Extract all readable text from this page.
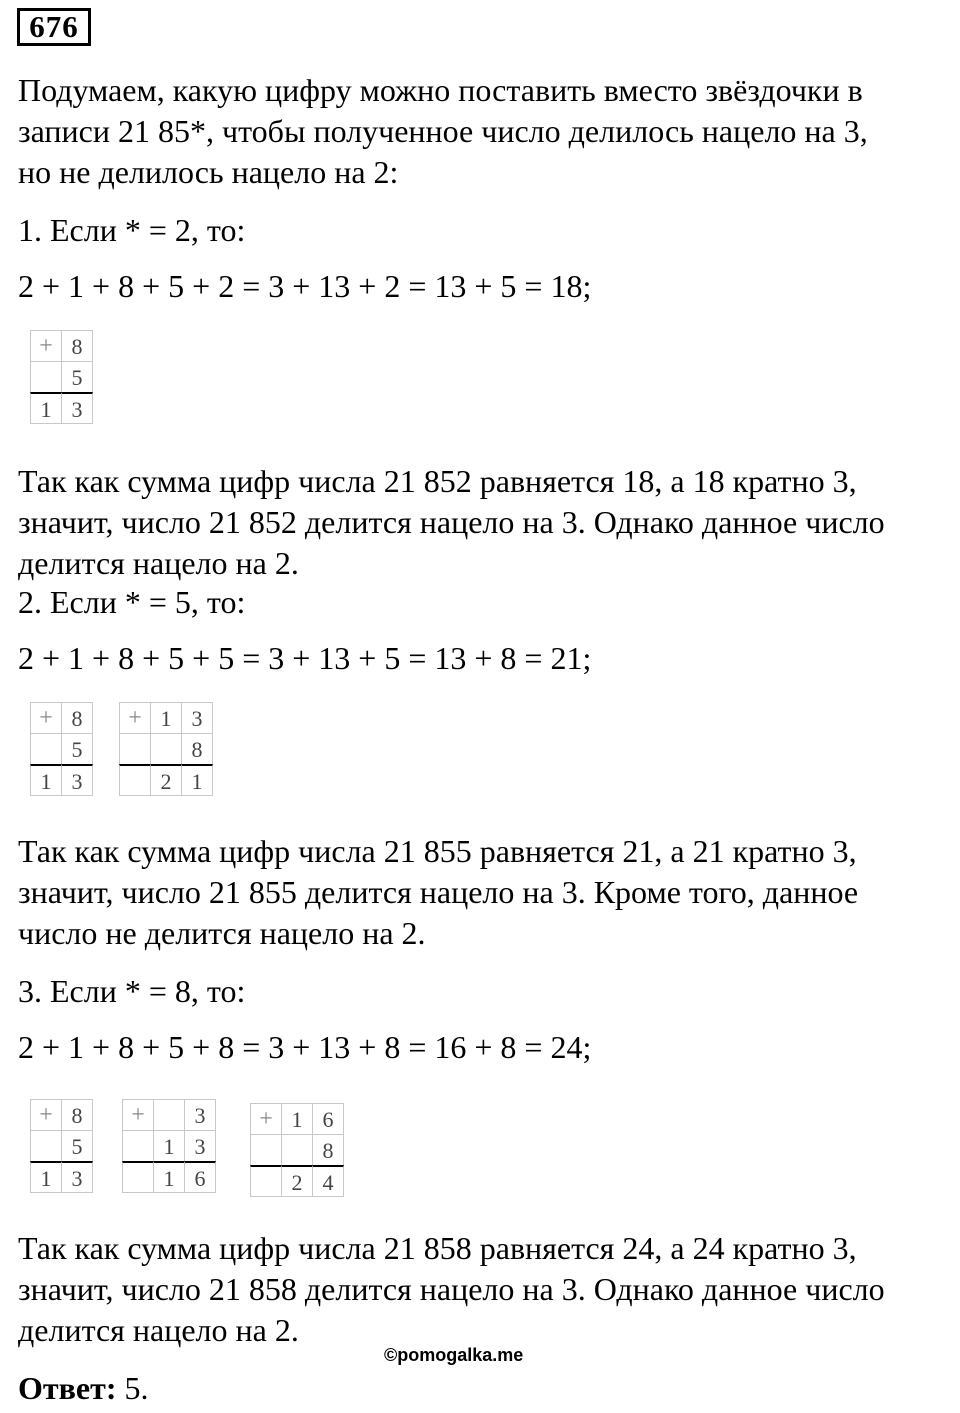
676
Подумаем, какую цифру можно поставить вместо звёздочки в
записи 21 85*, чтобы полученное число делилось нацело на 3,
но не делилось нацело на 2:
1. Если * = 2, то:
2 + 1 + 8 + 5 + 2 = 3 + 13 + 2 = 13 + 5 = 18;
+ 8
5
1 3
Так как сумма цифр числа 21 852 равняется 18, а 18 кратно 3,
значит, число 21 852 делится нацело на 3. Однако данное число
делится нацело на 2.
2. Если * = 5, то:
2 + 1 + 8 + 5 + 5 = 3 + 13 + 5 = 13 + 8 = 21;
+ 8
5
1 3
+ 1 3
8
2 1
Так как сумма цифр числа 21 855 равняется 21, а 21 кратно 3,
значит, число 21 855 делится нацело на 3. Кроме того, данное
число не делится нацело на 2.
3. Если * = 8, то:
2 + 1 + 8 + 5 + 8 = 3 + 13 + 8 = 16 + 8 = 24;
+ 8
5
1 3
+	3
1 3
1 6
+ 1 6
8
2 4
Так как сумма цифр числа 21 858 равняется 24, а 24 кратно 3,
значит, число 21 858 делится нацело на 3. Однако данное число
делится нацело на 2.
©pomogalka.me
Ответ: 5.
